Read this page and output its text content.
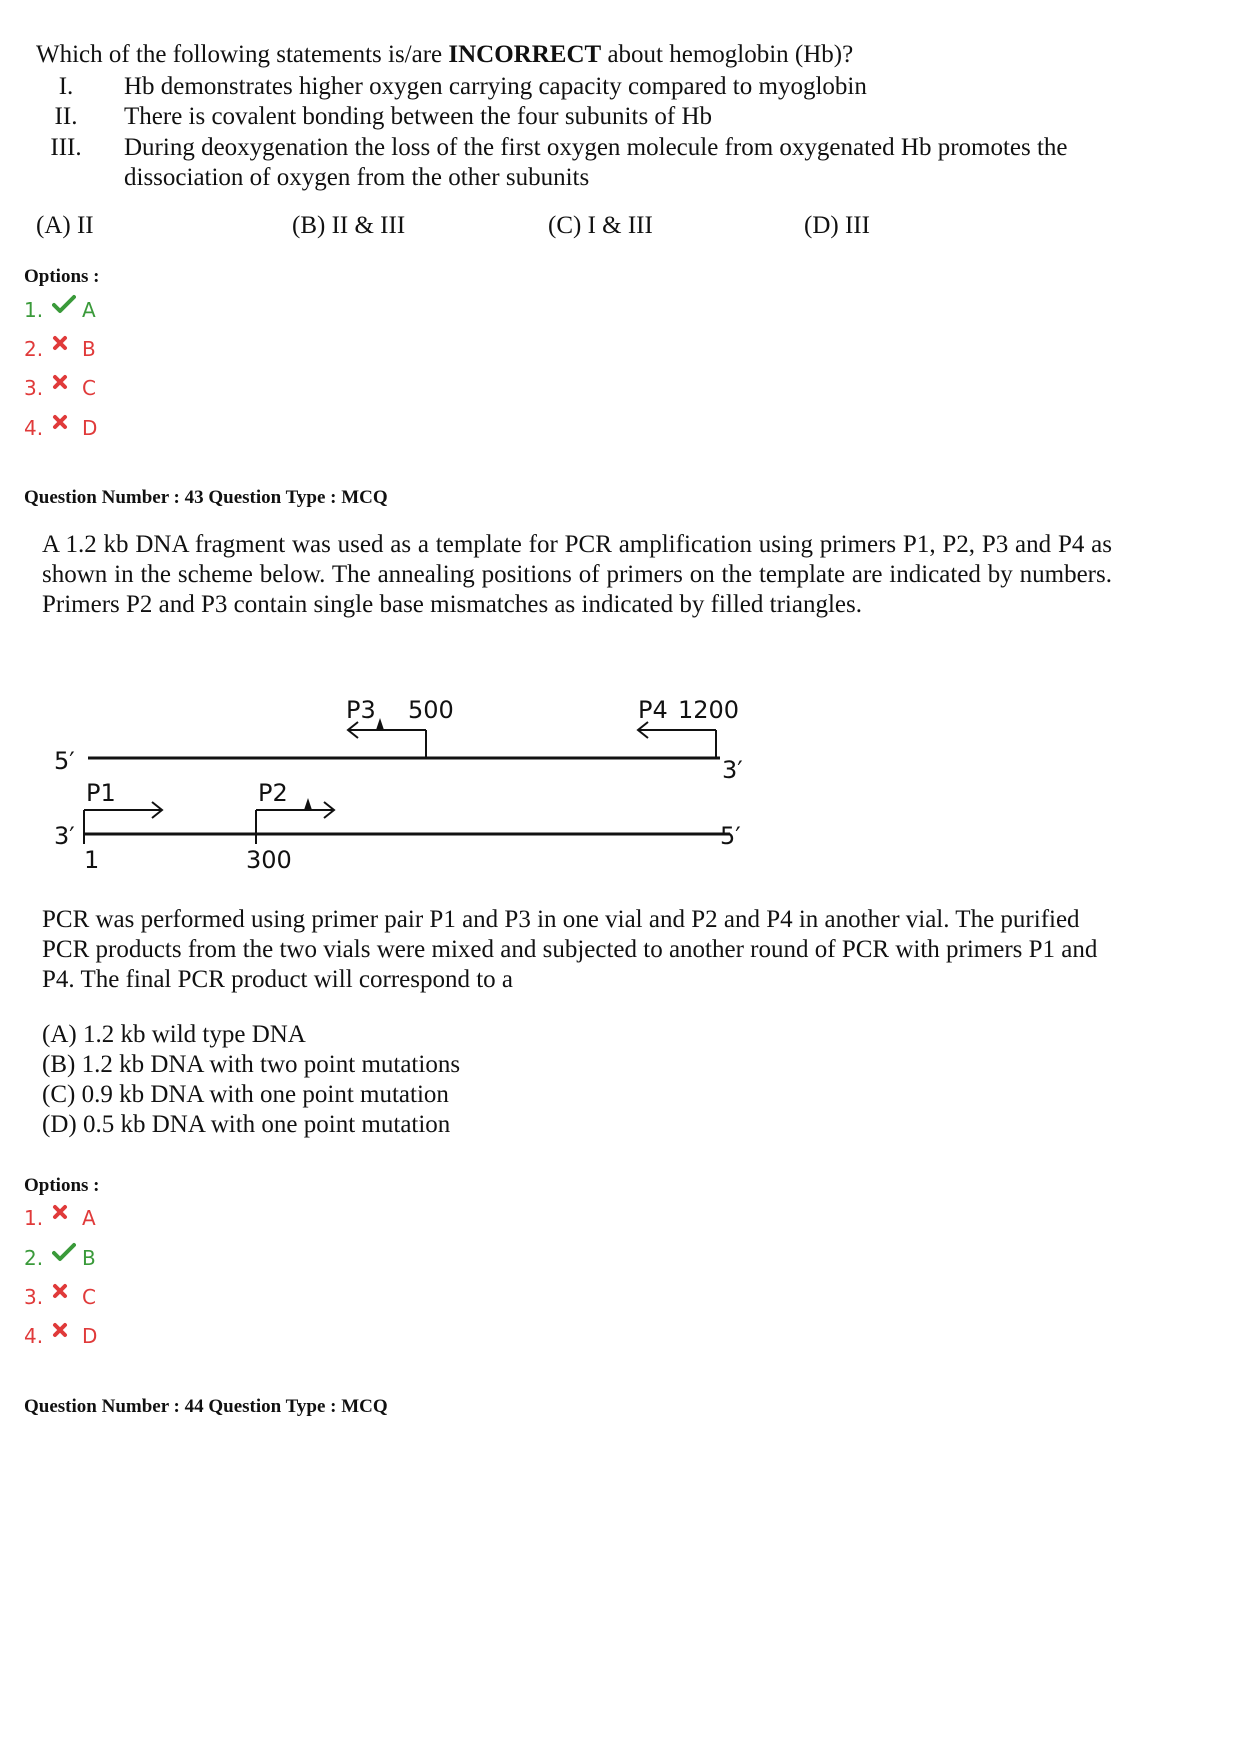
Which of the following statements is/are INCORRECT about hemoglobin (Hb)?
I.	Hb demonstrates higher oxygen carrying capacity compared to myoglobin
II.	There is covalent bonding between the four subunits of Hb
III.	During deoxygenation the loss of the first oxygen molecule from oxygenated Hb promotes the dissociation of oxygen from the other subunits
(A) II	(B) II & III	(C) I & III	(D) III
Options :
1.	A
2.	B
3.	C
4.	D
Question Number : 43 Question Type : MCQ
A 1.2 kb DNA fragment was used as a template for PCR amplification using primers P1, P2, P3 and P4 as shown in the scheme below. The annealing positions of primers on the template are indicated by numbers. Primers P2 and P3 contain single base mismatches as indicated by filled triangles.
5′	3′
P3 500	P4 1200
3′	5′
P1
1
P2
300
PCR was performed using primer pair P1 and P3 in one vial and P2 and P4 in another vial. The purified PCR products from the two vials were mixed and subjected to another round of PCR with primers P1 and P4. The final PCR product will correspond to a
(A) 1.2 kb wild type DNA
(B) 1.2 kb DNA with two point mutations
(C) 0.9 kb DNA with one point mutation
(D) 0.5 kb DNA with one point mutation
Options :
1.	A
2.	B
3.	C
4.	D
Question Number : 44 Question Type : MCQ
